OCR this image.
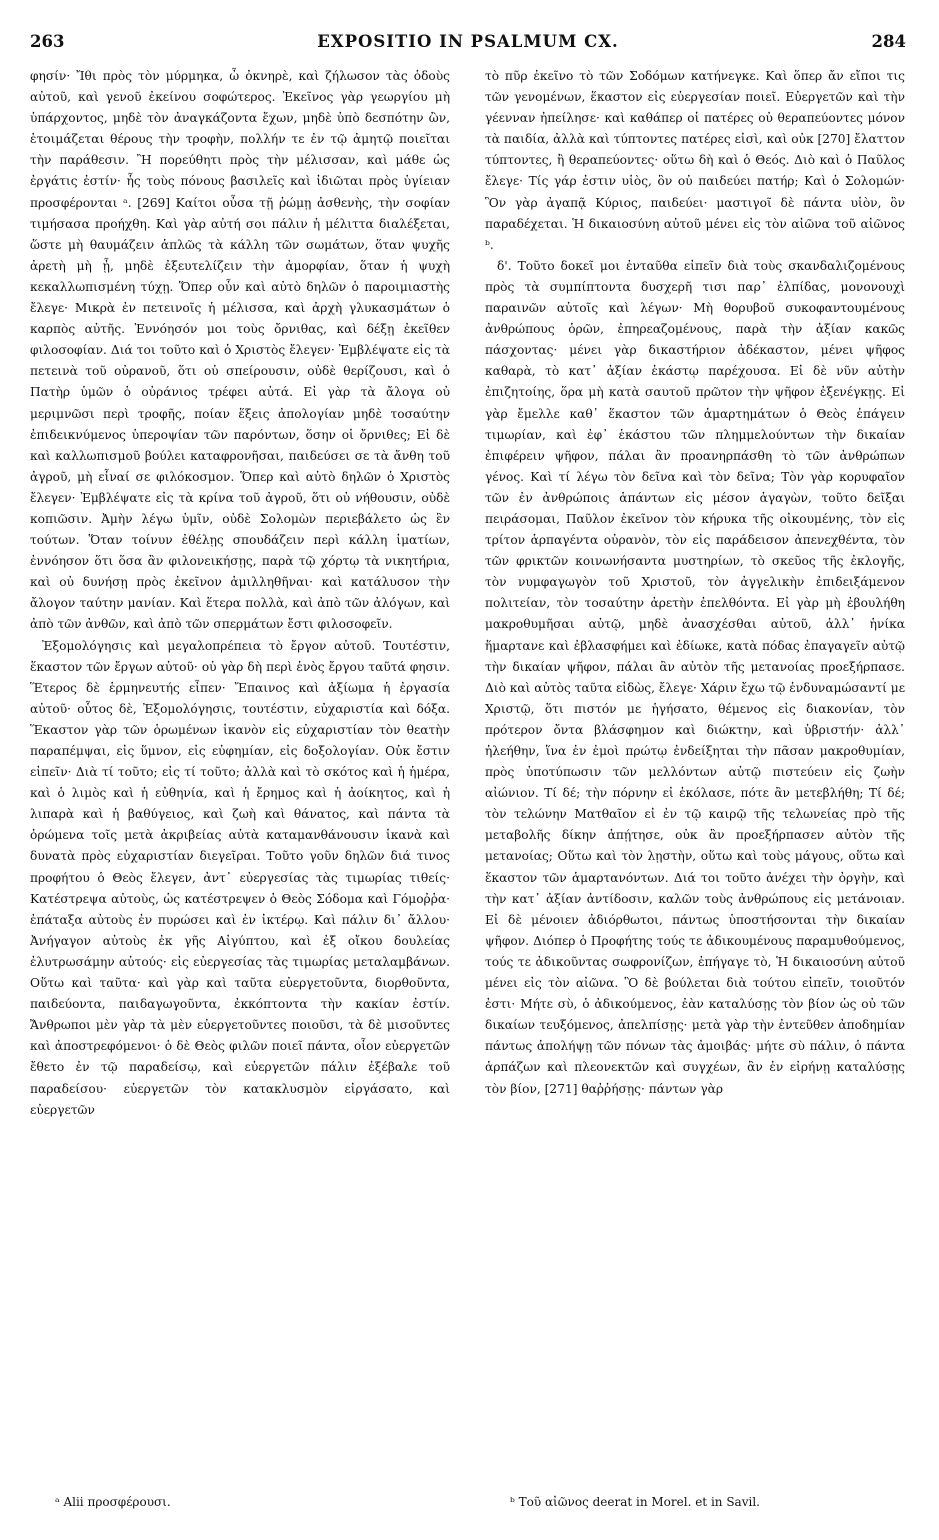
263	EXPOSITIO IN PSALMUM CX.	284

φησίν· Ἴθι πρὸς τὸν μύρμηκα, ὦ ὀκνηρὲ, καὶ ζήλωσον τὰς ὁδοὺς αὐτοῦ, καὶ γενοῦ ἐκείνου σοφώτερος. Ἐκεῖνος γὰρ γεωργίου μὴ ὑπάρχοντος, μηδὲ τὸν ἀναγκάζοντα ἔχων, μηδὲ ὑπὸ δεσπότην ὢν, ἑτοιμάζεται θέρους τὴν τροφὴν, πολλήν τε ἐν τῷ ἀμητῷ ποιεῖται τὴν παράθεσιν. Ἢ πορεύθητι πρὸς τὴν μέλισσαν, καὶ μάθε ὡς ἐργάτις ἐστίν· ἧς τοὺς πόνους βασιλεῖς καὶ ἰδιῶται πρὸς ὑγίειαν προσφέρονται ᵃ. [269] Καίτοι οὖσα τῇ ῥώμῃ ἀσθενὴς, τὴν σοφίαν τιμήσασα προήχθη. Καὶ γὰρ αὐτή σοι πάλιν ἡ μέλιττα διαλέξεται, ὥστε μὴ θαυμάζειν ἁπλῶς τὰ κάλλη τῶν σωμάτων, ὅταν ψυχῆς ἀρετὴ μὴ ᾖ, μηδὲ ἐξευτελίζειν τὴν ἀμορφίαν, ὅταν ἡ ψυχὴ κεκαλλωπισμένη τύχῃ. Ὅπερ οὖν καὶ αὐτὸ δηλῶν ὁ παροιμιαστὴς ἔλεγε· Μικρὰ ἐν πετεινοῖς ἡ μέλισσα, καὶ ἀρχὴ γλυκασμάτων ὁ καρπὸς αὐτῆς. Ἐννόησόν μοι τοὺς ὄρνιθας, καὶ δέξῃ ἐκεῖθεν φιλοσοφίαν. Διά τοι τοῦτο καὶ ὁ Χριστὸς ἔλεγεν· Ἐμβλέψατε εἰς τὰ πετεινὰ τοῦ οὐρανοῦ, ὅτι οὐ σπείρουσιν, οὐδὲ θερίζουσι, καὶ ὁ Πατὴρ ὑμῶν ὁ οὐράνιος τρέφει αὐτά. Εἰ γὰρ τὰ ἄλογα οὐ μεριμνῶσι περὶ τροφῆς, ποίαν ἕξεις ἀπολογίαν μηδὲ τοσαύτην ἐπιδεικνύμενος ὑπεροψίαν τῶν παρόντων, ὅσην οἱ ὄρνιθες; Εἰ δὲ καὶ καλλωπισμοῦ βούλει καταφρονῆσαι, παιδεύσει σε τὰ ἄνθη τοῦ ἀγροῦ, μὴ εἶναί σε φιλόκοσμον. Ὅπερ καὶ αὐτὸ δηλῶν ὁ Χριστὸς ἔλεγεν· Ἐμβλέψατε εἰς τὰ κρίνα τοῦ ἀγροῦ, ὅτι οὐ νήθουσιν, οὐδὲ κοπιῶσιν. Ἀμὴν λέγω ὑμῖν, οὐδὲ Σολομὼν περιεβάλετο ὡς ἓν τούτων. Ὅταν τοίνυν ἐθέλῃς σπουδάζειν περὶ κάλλη ἱματίων, ἐννόησον ὅτι ὅσα ἂν φιλονεικήσῃς, παρὰ τῷ χόρτῳ τὰ νικητήρια, καὶ οὐ δυνήσῃ πρὸς ἐκεῖνον ἁμιλληθῆναι· καὶ κατάλυσον τὴν ἄλογον ταύτην μανίαν. Καὶ ἕτερα πολλὰ, καὶ ἀπὸ τῶν ἀλόγων, καὶ ἀπὸ τῶν ἀνθῶν, καὶ ἀπὸ τῶν σπερμάτων ἔστι φιλοσοφεῖν.

Ἐξομολόγησις καὶ μεγαλοπρέπεια τὸ ἔργον αὐτοῦ. Τουτέστιν, ἕκαστον τῶν ἔργων αὐτοῦ· οὐ γὰρ δὴ περὶ ἑνὸς ἔργου ταῦτά φησιν. Ἕτερος δὲ ἑρμηνευτής εἶπεν· Ἔπαινος καὶ ἀξίωμα ἡ ἐργασία αὐτοῦ· οὗτος δὲ, Ἐξομολόγησις, τουτέστιν, εὐχαριστία καὶ δόξα. Ἕκαστον γὰρ τῶν ὁρωμένων ἱκανὸν εἰς εὐχαριστίαν τὸν θεατὴν παραπέμψαι, εἰς ὕμνον, εἰς εὐφημίαν, εἰς δοξολογίαν. Οὐκ ἔστιν εἰπεῖν· Διὰ τί τοῦτο; εἰς τί τοῦτο; ἀλλὰ καὶ τὸ σκότος καὶ ἡ ἡμέρα, καὶ ὁ λιμὸς καὶ ἡ εὐθηνία, καὶ ἡ ἔρημος καὶ ἡ ἀοίκητος, καὶ ἡ λιπαρὰ καὶ ἡ βαθύγειος, καὶ ζωὴ καὶ θάνατος, καὶ πάντα τὰ ὁρώμενα τοῖς μετὰ ἀκριβείας αὐτὰ καταμανθάνουσιν ἱκανὰ καὶ δυνατὰ πρὸς εὐχαριστίαν διεγεῖραι. Τοῦτο γοῦν δηλῶν διά τινος προφήτου ὁ Θεὸς ἔλεγεν, ἀντ᾽ εὐεργεσίας τὰς τιμωρίας τιθείς· Κατέστρεψα αὐτοὺς, ὡς κατέστρεψεν ὁ Θεὸς Σόδομα καὶ Γόμοῤῥα· ἐπάταξα αὐτοὺς ἐν πυρώσει καὶ ἐν ἰκτέρῳ. Καὶ πάλιν δι᾽ ἄλλου· Ἀνήγαγον αὐτοὺς ἐκ γῆς Αἰγύπτου, καὶ ἐξ οἴκου δουλείας ἐλυτρωσάμην αὐτούς· εἰς εὐεργεσίας τὰς τιμωρίας μεταλαμβάνων. Οὕτω καὶ ταῦτα· καὶ γὰρ καὶ ταῦτα εὐεργετοῦντα, διορθοῦντα, παιδεύοντα, παιδαγωγοῦντα, ἐκκόπτοντα τὴν κακίαν ἐστίν. Ἄνθρωποι μὲν γὰρ τὰ μὲν εὐεργετοῦντες ποιοῦσι, τὰ δὲ μισοῦντες καὶ ἀποστρεφόμενοι· ὁ δὲ Θεὸς φιλῶν ποιεῖ πάντα, οἷον εὐεργετῶν ἔθετο ἐν τῷ παραδείσῳ, καὶ εὐεργετῶν πάλιν ἐξέβαλε τοῦ παραδείσου· εὐεργετῶν τὸν κατακλυσμὸν εἰργάσατο, καὶ εὐεργετῶν

τὸ πῦρ ἐκεῖνο τὸ τῶν Σοδόμων κατήνεγκε. Καὶ ὅπερ ἄν εἴποι τις τῶν γενομένων, ἕκαστον εἰς εὐεργεσίαν ποιεῖ. Εὐεργετῶν καὶ τὴν γέενναν ἠπείλησε· καὶ καθάπερ οἱ πατέρες οὐ θεραπεύοντες μόνον τὰ παιδία, ἀλλὰ καὶ τύπτοντες πατέρες εἰσὶ, καὶ οὐκ [270] ἔλαττον τύπτοντες, ἢ θεραπεύοντες· οὕτω δὴ καὶ ὁ Θεός. Διὸ καὶ ὁ Παῦλος ἔλεγε· Τίς γάρ ἐστιν υἱὸς, ὃν οὐ παιδεύει πατήρ; Καὶ ὁ Σολομών· Ὃν γὰρ ἀγαπᾷ Κύριος, παιδεύει· μαστιγοῖ δὲ πάντα υἱὸν, ὃν παραδέχεται. Ἡ δικαιοσύνη αὐτοῦ μένει εἰς τὸν αἰῶνα τοῦ αἰῶνος ᵇ.

δ'. Τοῦτο δοκεῖ μοι ἐνταῦθα εἰπεῖν διὰ τοὺς σκανδαλιζομένους πρὸς τὰ συμπίπτοντα δυσχερῆ τισι παρ᾽ ἐλπίδας, μονονουχὶ παραινῶν αὐτοῖς καὶ λέγων· Μὴ θορυβοῦ συκοφαντουμένους ἀνθρώπους ὁρῶν, ἐπηρεαζομένους, παρὰ τὴν ἀξίαν κακῶς πάσχοντας· μένει γὰρ δικαστήριον ἀδέκαστον, μένει ψῆφος καθαρὰ, τὸ κατ᾽ ἀξίαν ἑκάστῳ παρέχουσα. Εἰ δὲ νῦν αὐτὴν ἐπιζητοίης, ὅρα μὴ κατὰ σαυτοῦ πρῶτον τὴν ψῆφον ἐξενέγκῃς. Εἰ γὰρ ἔμελλε καθ᾽ ἕκαστον τῶν ἁμαρτημάτων ὁ Θεὸς ἐπάγειν τιμωρίαν, καὶ ἐφ᾽ ἑκάστου τῶν πλημμελούντων τὴν δικαίαν ἐπιφέρειν ψῆφον, πάλαι ἂν προανηρπάσθη τὸ τῶν ἀνθρώπων γένος. Καὶ τί λέγω τὸν δεῖνα καὶ τὸν δεῖνα; Τὸν γὰρ κορυφαῖον τῶν ἐν ἀνθρώποις ἁπάντων εἰς μέσον ἀγαγὼν, τοῦτο δεῖξαι πειράσομαι, Παῦλον ἐκεῖνον τὸν κήρυκα τῆς οἰκουμένης, τὸν εἰς τρίτον ἁρπαγέντα οὐρανὸν, τὸν εἰς παράδεισον ἀπενεχθέντα, τὸν τῶν φρικτῶν κοινωνήσαντα μυστηρίων, τὸ σκεῦος τῆς ἐκλογῆς, τὸν νυμφαγωγὸν τοῦ Χριστοῦ, τὸν ἀγγελικὴν ἐπιδειξάμενον πολιτείαν, τὸν τοσαύτην ἀρετὴν ἐπελθόντα. Εἰ γὰρ μὴ ἐβουλήθη μακροθυμῆσαι αὐτῷ, μηδὲ ἀνασχέσθαι αὐτοῦ, ἀλλ᾽ ἡνίκα ἥμαρτανε καὶ ἐβλασφήμει καὶ ἐδίωκε, κατὰ πόδας ἐπαγαγεῖν αὐτῷ τὴν δικαίαν ψῆφον, πάλαι ἂν αὐτὸν τῆς μετανοίας προεξήρπασε. Διὸ καὶ αὐτὸς ταῦτα εἰδὼς, ἔλεγε· Χάριν ἔχω τῷ ἐνδυναμώσαντί με Χριστῷ, ὅτι πιστόν με ἡγήσατο, θέμενος εἰς διακονίαν, τὸν πρότερον ὄντα βλάσφημον καὶ διώκτην, καὶ ὑβριστήν· ἀλλ᾽ ἠλεήθην, ἵνα ἐν ἐμοὶ πρώτῳ ἐνδείξηται τὴν πᾶσαν μακροθυμίαν, πρὸς ὑποτύπωσιν τῶν μελλόντων αὐτῷ πιστεύειν εἰς ζωὴν αἰώνιον. Τί δέ; τὴν πόρνην εἰ ἐκόλασε, πότε ἂν μετεβλήθη; Τί δέ; τὸν τελώνην Ματθαῖον εἰ ἐν τῷ καιρῷ τῆς τελωνείας πρὸ τῆς μεταβολῆς δίκην ἀπῄτησε, οὐκ ἂν προεξήρπασεν αὐτὸν τῆς μετανοίας; Οὕτω καὶ τὸν λῃστὴν, οὕτω καὶ τοὺς μάγους, οὕτω καὶ ἕκαστον τῶν ἁμαρτανόντων. Διά τοι τοῦτο ἀνέχει τὴν ὀργὴν, καὶ τὴν κατ᾽ ἀξίαν ἀντίδοσιν, καλῶν τοὺς ἀνθρώπους εἰς μετάνοιαν. Εἰ δὲ μένοιεν ἀδιόρθωτοι, πάντως ὑποστήσονται τὴν δικαίαν ψῆφον. Διόπερ ὁ Προφήτης τούς τε ἀδικουμένους παραμυθούμενος, τούς τε ἀδικοῦντας σωφρονίζων, ἐπήγαγε τὸ, Ἡ δικαιοσύνη αὐτοῦ μένει εἰς τὸν αἰῶνα. Ὃ δὲ βούλεται διὰ τούτου εἰπεῖν, τοιοῦτόν ἐστι· Μήτε σὺ, ὁ ἀδικούμενος, ἐὰν καταλύσῃς τὸν βίον ὡς οὐ τῶν δικαίων τευξόμενος, ἀπελπίσῃς· μετὰ γὰρ τὴν ἐντεῦθεν ἀποδημίαν πάντως ἀπολήψῃ τῶν πόνων τὰς ἀμοιβάς· μήτε σὺ πάλιν, ὁ πάντα ἁρπάζων καὶ πλεονεκτῶν καὶ συγχέων, ἂν ἐν εἰρήνῃ καταλύσῃς τὸν βίον, [271] θαῤῥήσῃς· πάντων γὰρ

ᵃ Alii προσφέρουσι.	ᵇ Τοῦ αἰῶνος deerat in Morel. et in Savil.
